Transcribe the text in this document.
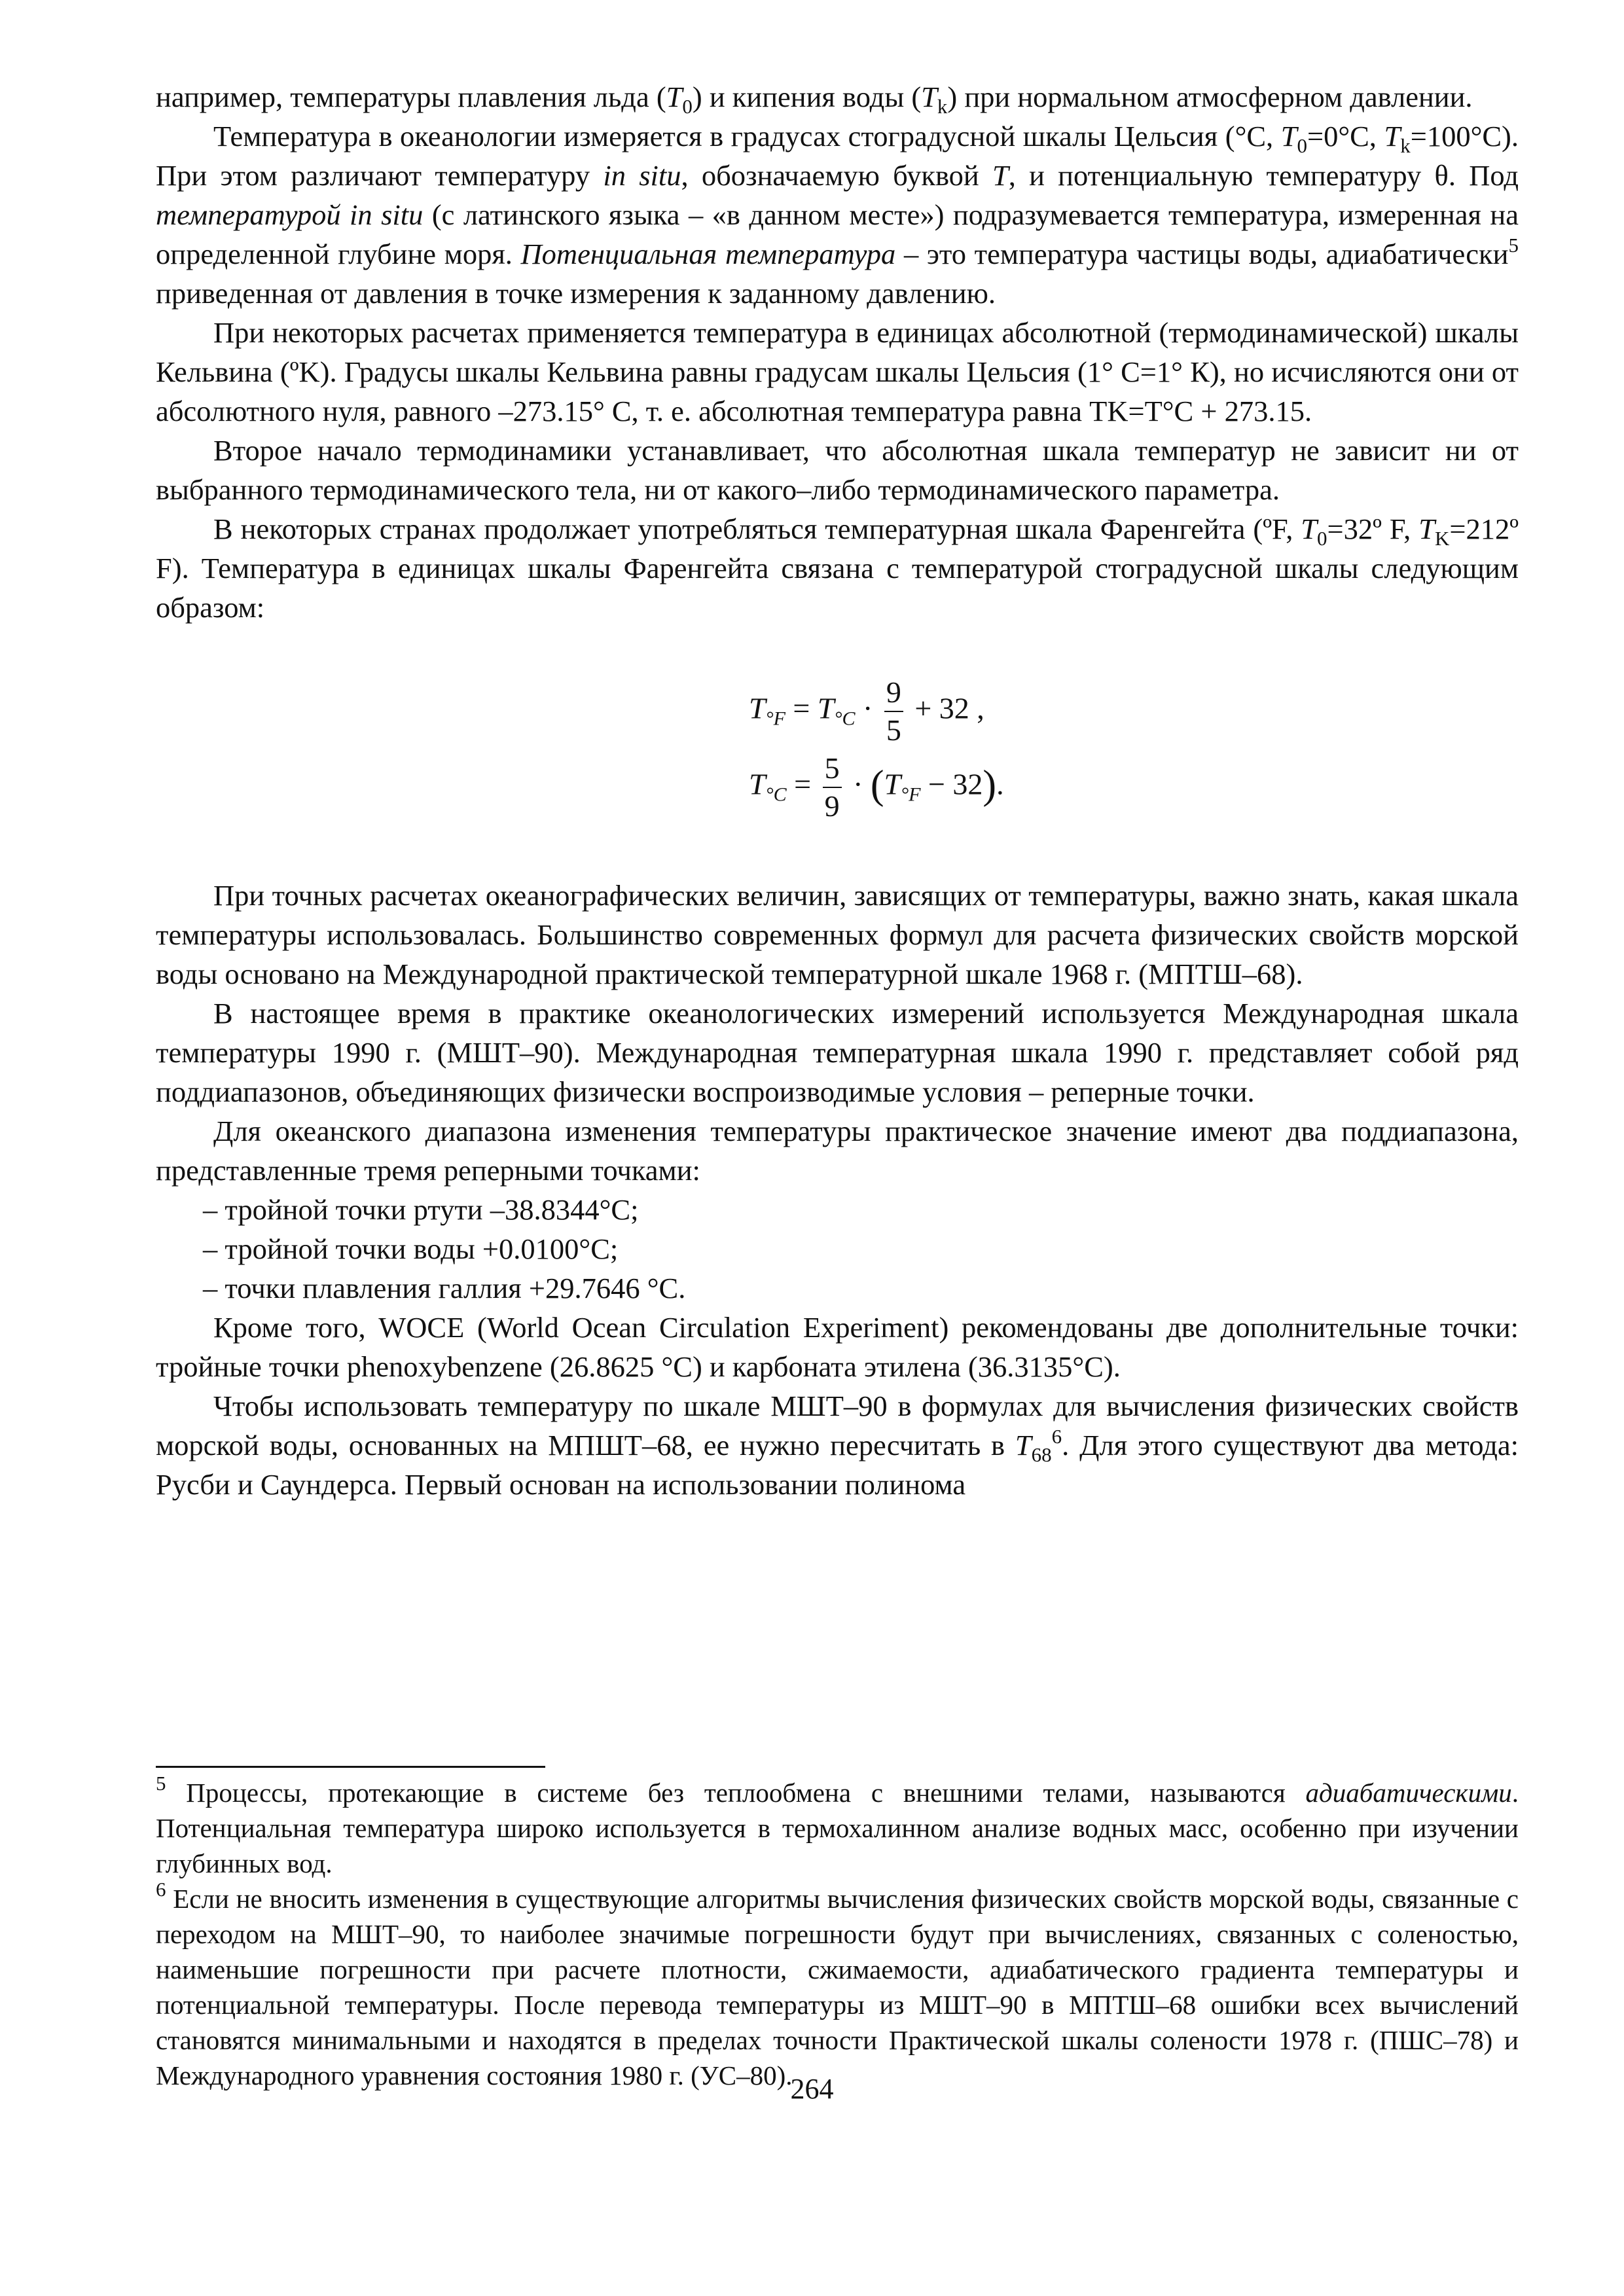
например, температуры плавления льда $(T_0)$ и кипения воды $(T_k)$ при нормальном атмосферном давлении.

Температура в океанологии измеряется в градусах стоградусной шкалы Цельсия (°С, $T_0=0^\circ С$, $T_k=100^\circ С$). При этом различают температуру in situ, обозначаемую буквой T, и потенциальную температуру θ. Под температурой in situ (с латинского языка – «в данном месте») подразумевается температура, измеренная на определенной глубине моря. Потенциальная температура – это температура частицы воды, адиабатически$^5$ приведенная от давления в точке измерения к заданному давлению.

При некоторых расчетах применяется температура в единицах абсолютной (термодинамической) шкалы Кельвина (ºK). Градусы шкалы Кельвина равны градусам шкалы Цельсия (1° С=1° К), но исчисляются они от абсолютного нуля, равного –273.15° С, т. е. абсолютная температура равна ТK=T°С + 273.15.

Второе начало термодинамики устанавливает, что абсолютная шкала температур не зависит ни от выбранного термодинамического тела, ни от какого–либо термодинамического параметра.

В некоторых странах продолжает употребляться температурная шкала Фаренгейта (ºF, $T_0=32º$ F, $T_K=212º$ F). Температура в единицах шкалы Фаренгейта связана с температурой стоградусной шкалы следующим образом:

$T_{^\circ F} = T_{^\circ C} \cdot \frac{9}{5} + 32$ ,
$T_{^\circ C} = \frac{5}{9} \cdot (T_{^\circ F} - 32)$.

При точных расчетах океанографических величин, зависящих от температуры, важно знать, какая шкала температуры использовалась. Большинство современных формул для расчета физических свойств морской воды основано на Международной практической температурной шкале 1968 г. (МПТШ–68).

В настоящее время в практике океанологических измерений используется Международная шкала температуры 1990 г. (МШТ–90). Международная температурная шкала 1990 г. представляет собой ряд поддиапазонов, объединяющих физически воспроизводимые условия – реперные точки.

Для океанского диапазона изменения температуры практическое значение имеют два поддиапазона, представленные тремя реперными точками:

– тройной точки ртути –38.8344°С;

– тройной точки воды +0.0100°С;

– точки плавления галлия +29.7646 °С.

Кроме того, WOCE (World Ocean Circulation Experiment) рекомендованы две дополнительные точки: тройные точки phenoxybenzene (26.8625 °С) и карбоната этилена (36.3135°С).

Чтобы использовать температуру по шкале МШТ–90 в формулах для вычисления физических свойств морской воды, основанных на МПШТ–68, ее нужно пересчитать в $T_{68}^6$. Для этого существуют два метода: Русби и Саундерса. Первый основан на использовании полинома

$^5$ Процессы, протекающие в системе без теплообмена с внешними телами, называются адиабатическими. Потенциальная температура широко используется в термохалинном анализе водных масс, особенно при изучении глубинных вод.

$^6$ Если не вносить изменения в существующие алгоритмы вычисления физических свойств морской воды, связанные с переходом на МШТ–90, то наиболее значимые погрешности будут при вычислениях, связанных с соленостью, наименьшие погрешности при расчете плотности, сжимаемости, адиабатического градиента температуры и потенциальной температуры. После перевода температуры из МШТ–90 в МПТШ–68 ошибки всех вычислений становятся минимальными и находятся в пределах точности Практической шкалы солености 1978 г. (ПШС–78) и Международного уравнения состояния 1980 г. (УС–80).

264
